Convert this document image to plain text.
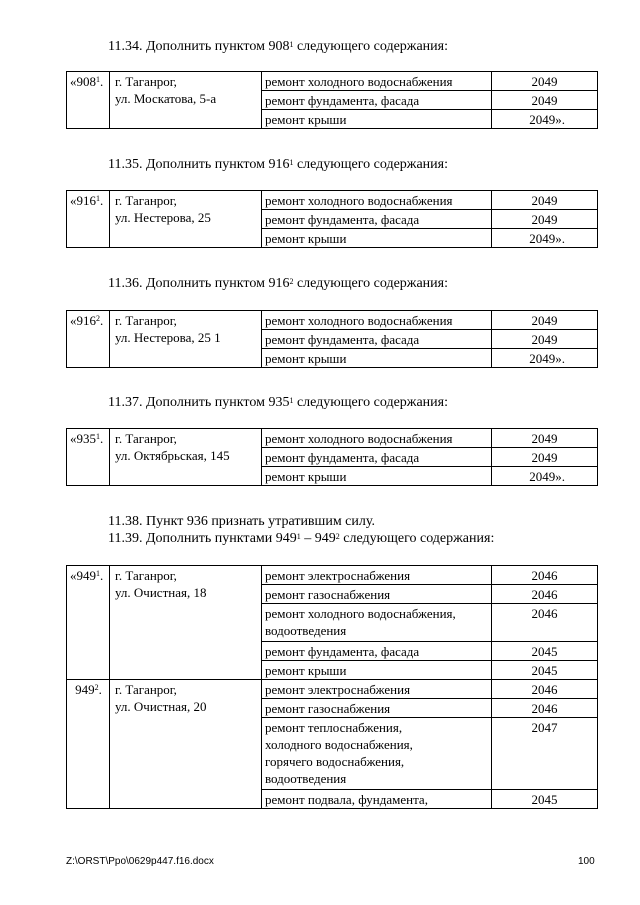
11.34. Дополнить пунктом $908^1$ следующего содержания:
«$908^1$.	г. Таганрог,
ул. Москатова, 5-а	ремонт холодного водоснабжения	2049
		ремонт фундамента, фасада	2049
		ремонт крыши	2049».
11.35. Дополнить пунктом $916^1$ следующего содержания:
«$916^1$.	г. Таганрог,
ул. Нестерова, 25	ремонт холодного водоснабжения	2049
		ремонт фундамента, фасада	2049
		ремонт крыши	2049».
11.36. Дополнить пунктом $916^2$ следующего содержания:
«$916^2$.	г. Таганрог,
ул. Нестерова, 25 1	ремонт холодного водоснабжения	2049
		ремонт фундамента, фасада	2049
		ремонт крыши	2049».
11.37. Дополнить пунктом $935^1$ следующего содержания:
«$935^1$.	г. Таганрог,
ул. Октябрьская, 145	ремонт холодного водоснабжения	2049
		ремонт фундамента, фасада	2049
		ремонт крыши	2049».
11.38. Пункт 936 признать утратившим силу.
11.39. Дополнить пунктами $949^1 - 949^2$ следующего содержания:
«$949^1$.	г. Таганрог,
ул. Очистная, 18	ремонт электроснабжения	2046
		ремонт газоснабжения	2046
		ремонт холодного водоснабжения, водоотведения	2046
		ремонт фундамента, фасада	2045
		ремонт крыши	2045
$949^2$.	г. Таганрог,
ул. Очистная, 20	ремонт электроснабжения	2046
		ремонт газоснабжения	2046
		ремонт теплоснабжения, холодного водоснабжения, горячего водоснабжения, водоотведения	2047
		ремонт подвала, фундамента,	2045
Z:\ORST\Ppo\0629p447.f16.docx	100
